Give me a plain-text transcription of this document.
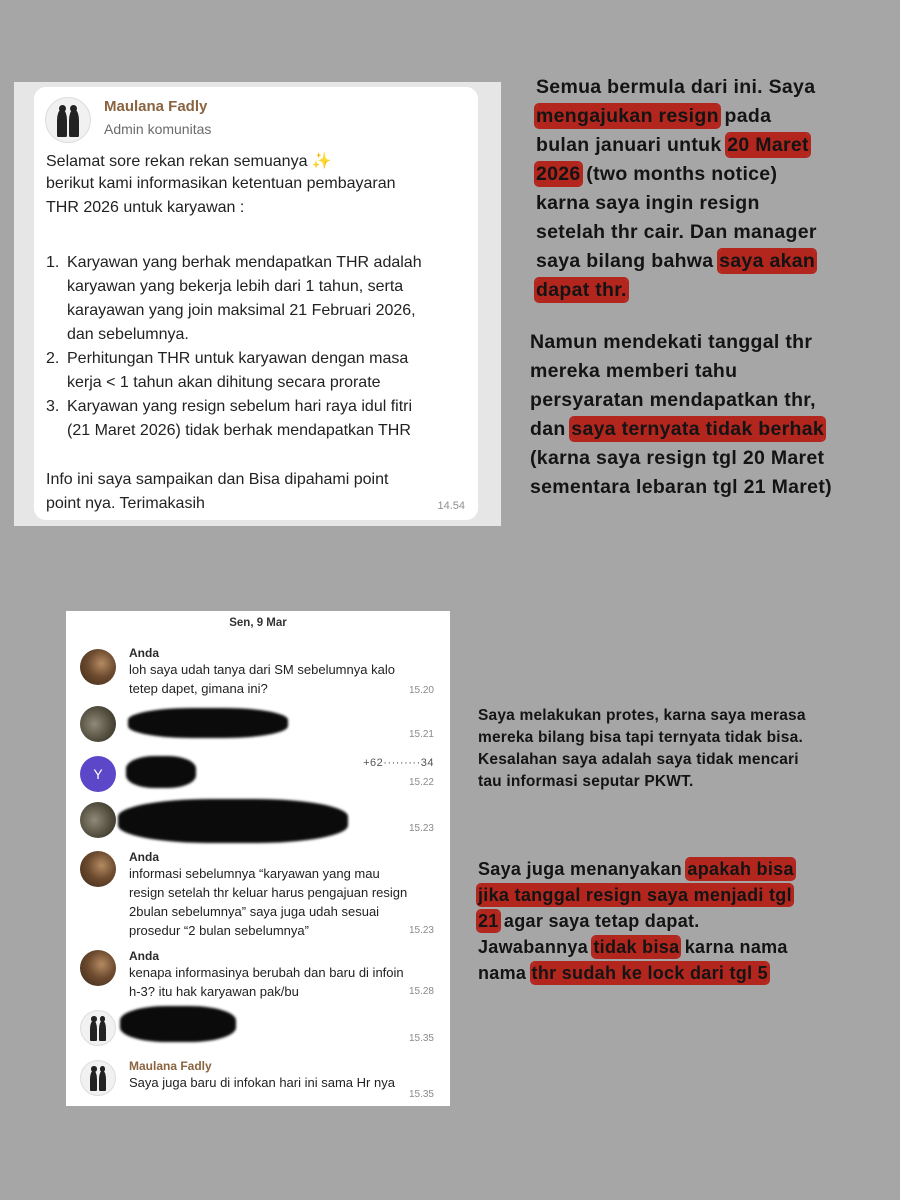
Maulana Fadly
Admin komunitas
Selamat sore rekan rekan semuanya ✨
berikut kami informasikan ketentuan pembayaran
THR 2026 untuk karyawan :
1. Karyawan yang berhak mendapatkan THR adalah
karyawan yang bekerja lebih dari 1 tahun, serta
karayawan yang join maksimal 21 Februari 2026,
dan sebelumnya.
2. Perhitungan THR untuk karyawan dengan masa
kerja < 1 tahun akan dihitung secara prorate
3. Karyawan yang resign sebelum hari raya idul fitri
(21 Maret 2026) tidak berhak mendapatkan THR
Info ini saya sampaikan dan Bisa dipahami point
point nya. Terimakasih	14.54
Semua bermula dari ini. Saya
mengajukan resign pada
bulan januari untuk 20 Maret
2026 (two months notice)
karna saya ingin resign
setelah thr cair. Dan manager
saya bilang bahwa saya akan
dapat thr.
Namun mendekati tanggal thr
mereka memberi tahu
persyaratan mendapatkan thr,
dan saya ternyata tidak berhak
(karna saya resign tgl 20 Maret
sementara lebaran tgl 21 Maret)
Sen, 9 Mar
Anda
loh saya udah tanya dari SM sebelumnya kalo
tetep dapet, gimana ini?	15.20
15.21
Y
+62·········34
15.22
15.23
Anda
informasi sebelumnya “karyawan yang mau
resign setelah thr keluar harus pengajuan resign
2bulan sebelumnya” saya juga udah sesuai
prosedur “2 bulan sebelumnya”	15.23
Anda
kenapa informasinya berubah dan baru di infoin
h-3? itu hak karyawan pak/bu	15.28
15.35
Maulana Fadly
Saya juga baru di infokan hari ini sama Hr nya
15.35
Saya melakukan protes, karna saya merasa
mereka bilang bisa tapi ternyata tidak bisa.
Kesalahan saya adalah saya tidak mencari
tau informasi seputar PKWT.
Saya juga menanyakan apakah bisa
jika tanggal resign saya menjadi tgl
21 agar saya tetap dapat.
Jawabannya tidak bisa karna nama
nama thr sudah ke lock dari tgl 5
